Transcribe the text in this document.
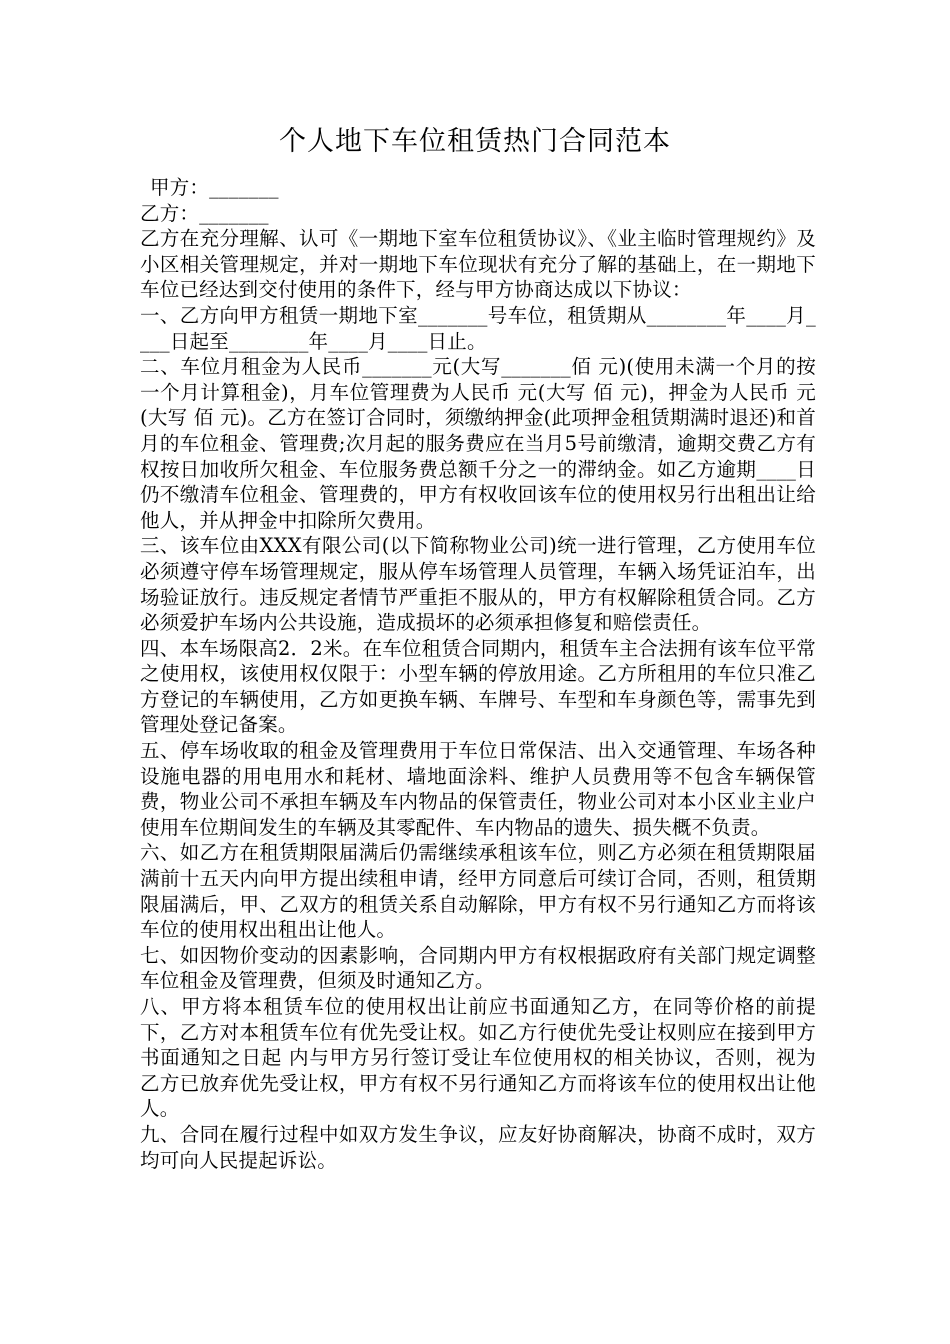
个人地下车位租赁热门合同范本
甲方：_______
乙方：_______
乙方在充分理解、认可《一期地下室车位租赁协议》、《业主临时管理规约》及小区相关管理规定，并对一期地下车位现状有充分了解的基础上，在一期地下车位已经达到交付使用的条件下，经与甲方协商达成以下协议：
一、乙方向甲方租赁一期地下室_______号车位，租赁期从________年____月____日起至________年____月____日止。
二、车位月租金为人民币_______元(大写_______佰 元)(使用未满一个月的按一个月计算租金)，月车位管理费为人民币 元(大写 佰 元)，押金为人民币 元(大写 佰 元)。乙方在签订合同时，须缴纳押金(此项押金租赁期满时退还)和首月的车位租金、管理费;次月起的服务费应在当月5号前缴清，逾期交费乙方有权按日加收所欠租金、车位服务费总额千分之一的滞纳金。如乙方逾期____日仍不缴清车位租金、管理费的，甲方有权收回该车位的使用权另行出租出让给他人，并从押金中扣除所欠费用。
三、该车位由XXX有限公司(以下简称物业公司)统一进行管理，乙方使用车位必须遵守停车场管理规定，服从停车场管理人员管理，车辆入场凭证泊车，出场验证放行。违反规定者情节严重拒不服从的，甲方有权解除租赁合同。乙方必须爱护车场内公共设施，造成损坏的必须承担修复和赔偿责任。
四、本车场限高2．2米。在车位租赁合同期内，租赁车主合法拥有该车位平常之使用权，该使用权仅限于：小型车辆的停放用途。乙方所租用的车位只准乙方登记的车辆使用，乙方如更换车辆、车牌号、车型和车身颜色等，需事先到管理处登记备案。
五、停车场收取的租金及管理费用于车位日常保洁、出入交通管理、车场各种设施电器的用电用水和耗材、墙地面涂料、维护人员费用等不包含车辆保管费，物业公司不承担车辆及车内物品的保管责任，物业公司对本小区业主业户使用车位期间发生的车辆及其零配件、车内物品的遗失、损失概不负责。
六、如乙方在租赁期限届满后仍需继续承租该车位，则乙方必须在租赁期限届满前十五天内向甲方提出续租申请，经甲方同意后可续订合同，否则，租赁期限届满后，甲、乙双方的租赁关系自动解除，甲方有权不另行通知乙方而将该车位的使用权出租出让他人。
七、如因物价变动的因素影响，合同期内甲方有权根据政府有关部门规定调整车位租金及管理费，但须及时通知乙方。
八、甲方将本租赁车位的使用权出让前应书面通知乙方，在同等价格的前提下，乙方对本租赁车位有优先受让权。如乙方行使优先受让权则应在接到甲方书面通知之日起 内与甲方另行签订受让车位使用权的相关协议，否则，视为乙方已放弃优先受让权，甲方有权不另行通知乙方而将该车位的使用权出让他人。
九、合同在履行过程中如双方发生争议，应友好协商解决，协商不成时，双方均可向人民提起诉讼。
